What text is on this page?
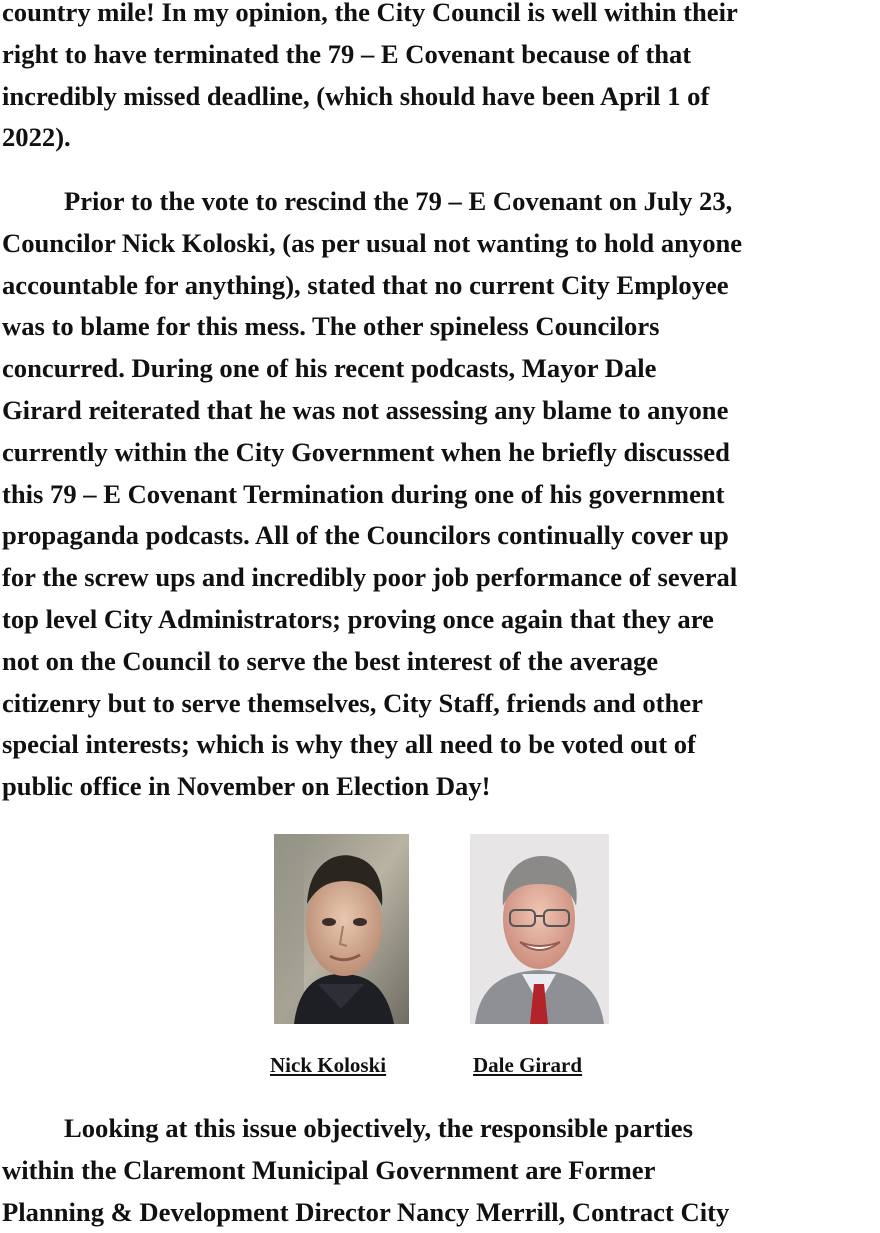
country mile! In my opinion, the City Council is well within their
right to have terminated the 79 – E Covenant because of that
incredibly missed deadline, (which should have been April 1 of
2022).

Prior to the vote to rescind the 79 – E Covenant on July 23,
Councilor Nick Koloski, (as per usual not wanting to hold anyone
accountable for anything), stated that no current City Employee
was to blame for this mess. The other spineless Councilors
concurred. During one of his recent podcasts, Mayor Dale
Girard reiterated that he was not assessing any blame to anyone
currently within the City Government when he briefly discussed
this 79 – E Covenant Termination during one of his government
propaganda podcasts. All of the Councilors continually cover up
for the screw ups and incredibly poor job performance of several
top level City Administrators; proving once again that they are
not on the Council to serve the best interest of the average
citizenry but to serve themselves, City Staff, friends and other
special interests; which is why they all need to be voted out of
public office in November on Election Day!

Nick Koloski	Dale Girard

Looking at this issue objectively, the responsible parties
within the Claremont Municipal Government are Former
Planning & Development Director Nancy Merrill, Contract City
